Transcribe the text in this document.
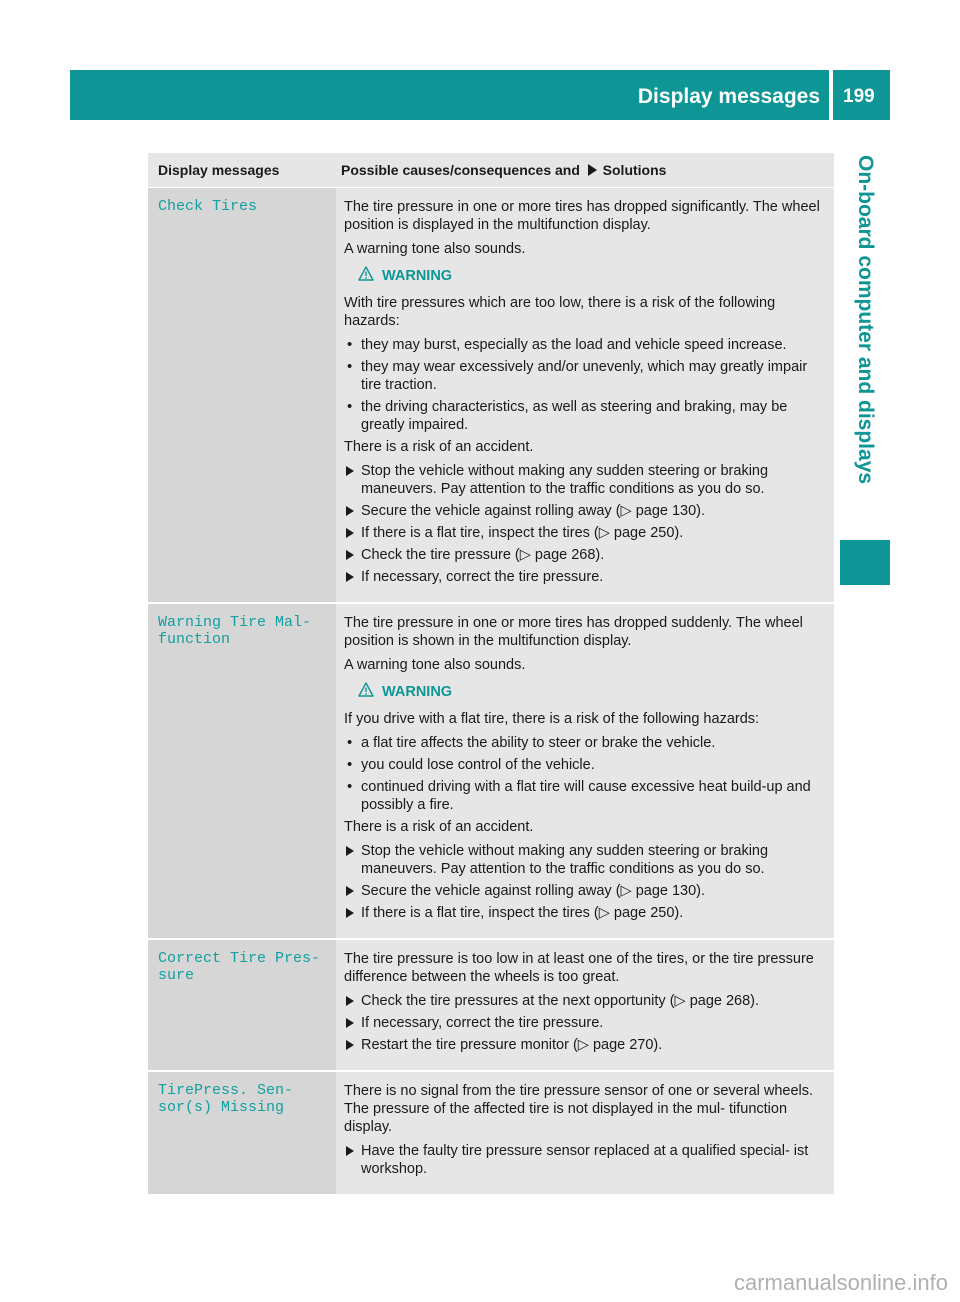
Display messages 199
On-board computer and displays
Display messages	Possible causes/consequences and Solutions
Check Tires	The tire pressure in one or more tires has dropped significantly. The wheel position is displayed in the multifunction display.
A warning tone also sounds.
WARNING
With tire pressures which are too low, there is a risk of the following hazards:
• they may burst, especially as the load and vehicle speed increase.
• they may wear excessively and/or unevenly, which may greatly impair tire traction.
• the driving characteristics, as well as steering and braking, may be greatly impaired.
There is a risk of an accident.
Stop the vehicle without making any sudden steering or braking maneuvers. Pay attention to the traffic conditions as you do so.
Secure the vehicle against rolling away (▷ page 130).
If there is a flat tire, inspect the tires (▷ page 250).
Check the tire pressure (▷ page 268).
If necessary, correct the tire pressure.
Warning Tire Mal‐
function
The tire pressure in one or more tires has dropped suddenly. The wheel position is shown in the multifunction display.
A warning tone also sounds.
WARNING
If you drive with a flat tire, there is a risk of the following hazards:
• a flat tire affects the ability to steer or brake the vehicle.
• you could lose control of the vehicle.
• continued driving with a flat tire will cause excessive heat build-up and possibly a fire.
There is a risk of an accident.
Stop the vehicle without making any sudden steering or braking maneuvers. Pay attention to the traffic conditions as you do so.
Secure the vehicle against rolling away (▷ page 130).
If there is a flat tire, inspect the tires (▷ page 250).
Correct Tire Pres‐
sure
The tire pressure is too low in at least one of the tires, or the tire pressure difference between the wheels is too great.
Check the tire pressures at the next opportunity (▷ page 268).
If necessary, correct the tire pressure.
Restart the tire pressure monitor (▷ page 270).
TirePress. Sen‐
sor(s) Missing
There is no signal from the tire pressure sensor of one or several wheels. The pressure of the affected tire is not displayed in the mul‐ tifunction display.
Have the faulty tire pressure sensor replaced at a qualified special‐ ist workshop.
carmanualsonline.info
